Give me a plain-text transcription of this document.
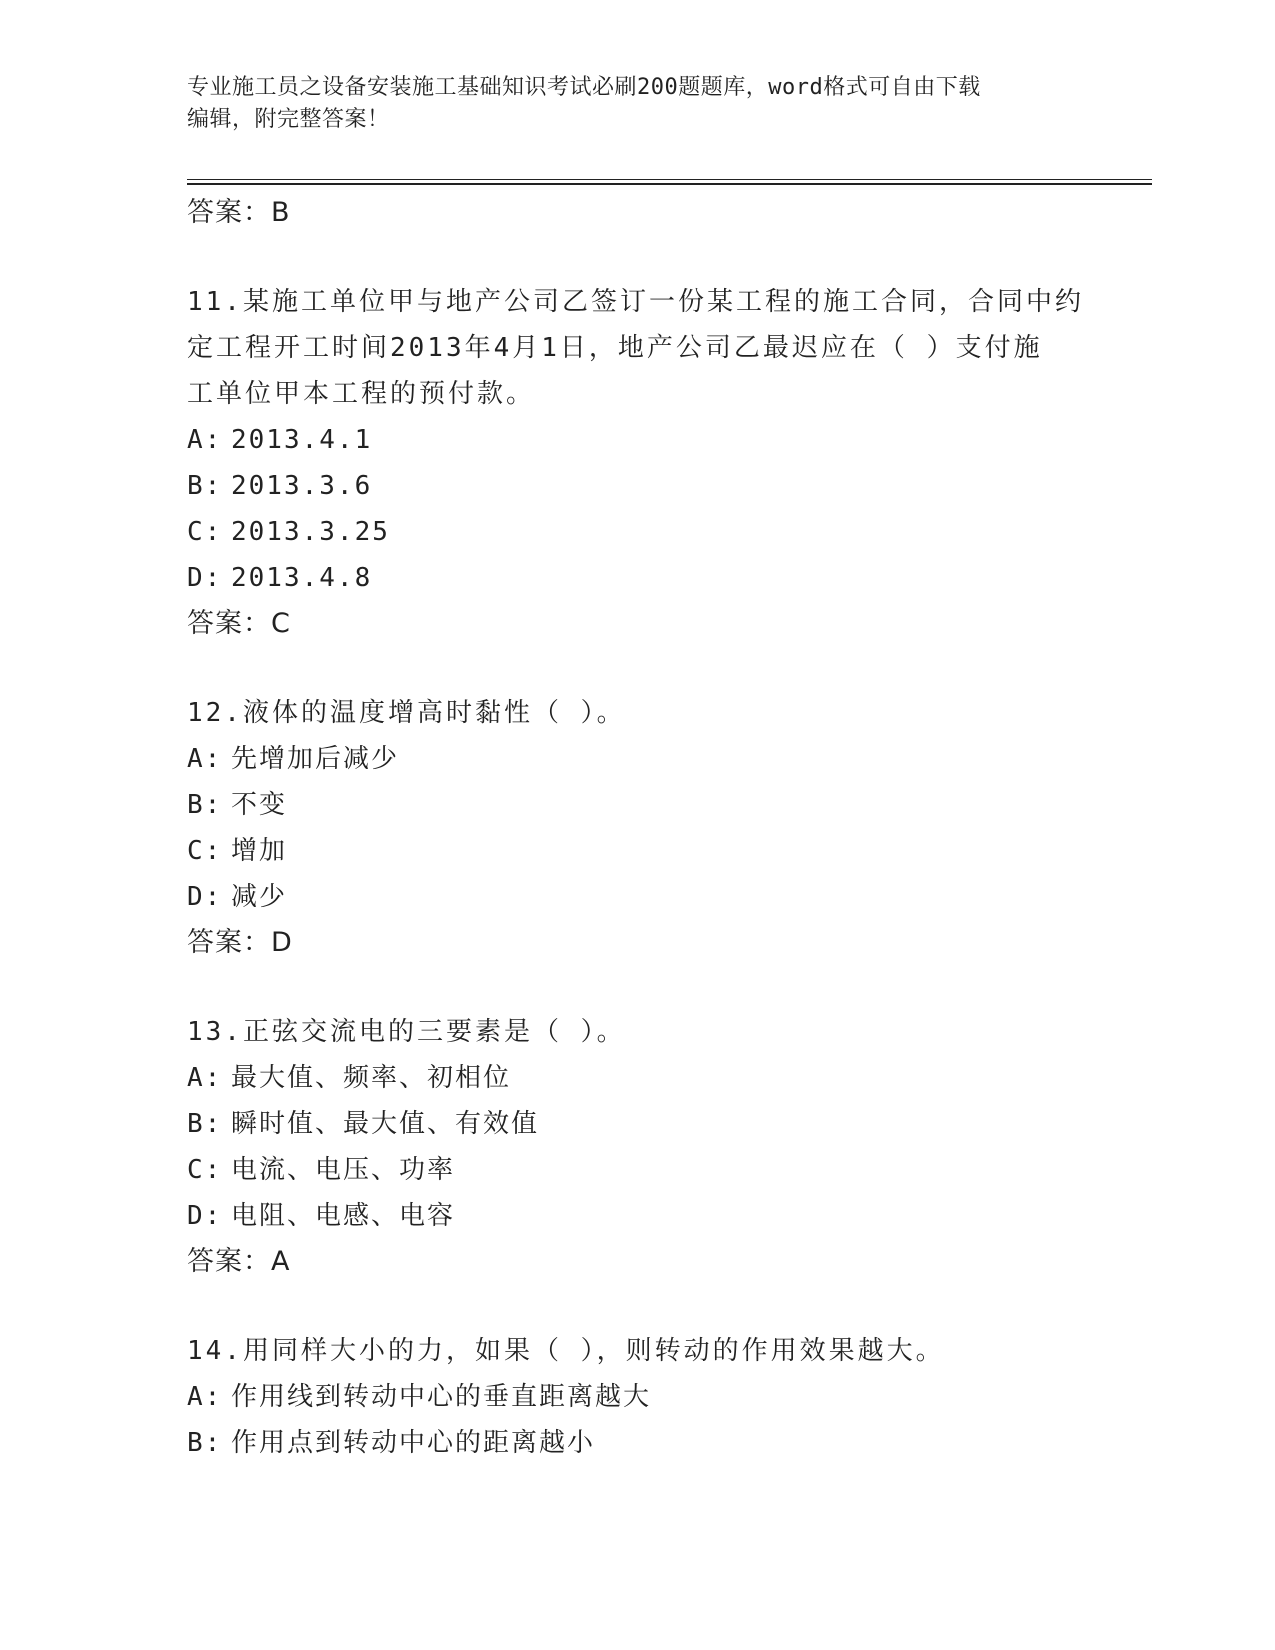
专业施工员之设备安装施工基础知识考试必刷200题题库，word格式可自由下载
编辑，附完整答案！
答案：B
11.某施工单位甲与地产公司乙签订一份某工程的施工合同，合同中约
定工程开工时间2013年4月1日，地产公司乙最迟应在（ ）支付施
工单位甲本工程的预付款。
A: 2013.4.1
B: 2013.3.6
C: 2013.3.25
D: 2013.4.8
答案：C
12.液体的温度增高时黏性（ ）。
A: 先增加后减少
B: 不变
C: 增加
D: 减少
答案：D
13.正弦交流电的三要素是（ ）。
A: 最大值、频率、初相位
B: 瞬时值、最大值、有效值
C: 电流、电压、功率
D: 电阻、电感、电容
答案：A
14.用同样大小的力，如果（ ），则转动的作用效果越大。
A: 作用线到转动中心的垂直距离越大
B: 作用点到转动中心的距离越小
